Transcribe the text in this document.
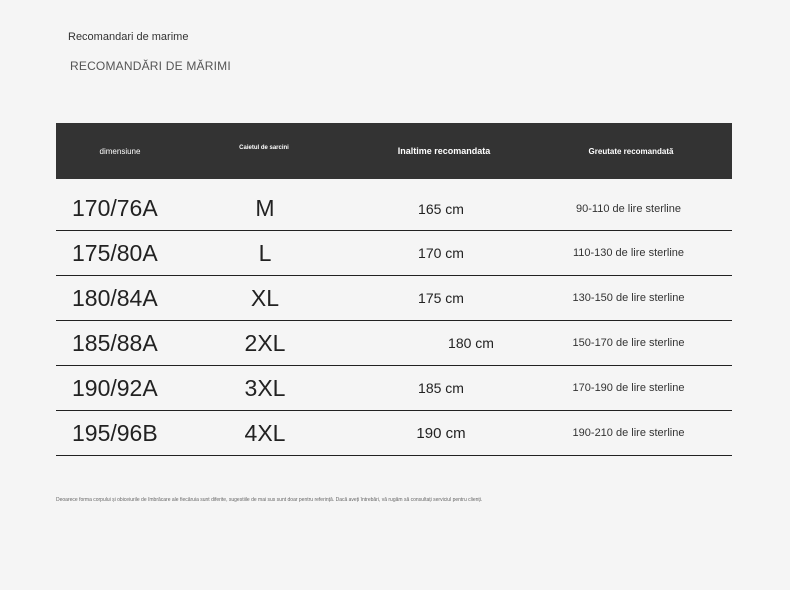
Recomandari de marime
RECOMANDĂRI DE MĂRIMI
dimensiune	Caietul de sarcini	Inaltime recomandata	Greutate recomandată
170/76A	M	165 cm	90-110 de lire sterline
175/80A	L	170 cm	110-130 de lire sterline
180/84A	XL	175 cm	130-150 de lire sterline
185/88A	2XL	180 cm	150-170 de lire sterline
190/92A	3XL	185 cm	170-190 de lire sterline
195/96B	4XL	190 cm	190-210 de lire sterline
Deoarece forma corpului și obiceiurile de îmbrăcare ale fiecăruia sunt diferite, sugestiile de mai sus sunt doar pentru referință. Dacă aveți întrebări, vă rugăm să consultați serviciul pentru clienți.
